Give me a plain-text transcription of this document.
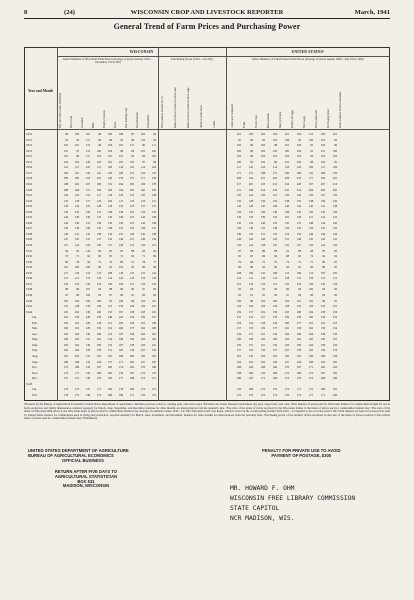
8	(24)	WISCONSIN CROP AND LIVESTOCK REPORTER	March, 1941
General Trend of Farm Prices and Purchasing Power
WISCONSIN	UNITED STATES³
Index Numbers of Wisconsin Farm Prices (Average of prices January 1910—December 1914=100)
Purchasing Power (1910—14=100)	Index Numbers of United States Farm Prices (Average of prices August 1909—July 1914=100)⁴
Year and Month
Wis. farm price index (30 items)	Farm crops	Livestock	Milk	Poultry products	Feeds	Four feeding crops	Total livestock	Unclassified	Prices paid by farmers in U.S.	Ratio of prices received to prices paid	Ratio of prices received to farm wage	All farm prices index	Grains	Cotton and cottonseed	Fruits	Truck crops	Meat animals	Dairy products	Poultry and eggs	Farm wage	Prices paid index	Purchasing power	Index numbers of farm real estate
1910	99	100	101	98	100	108	87	102	92	101	100	102	104	101	104	113	100	101
1911	91	93	111	96	96	91	96	110	93	97	96	95	102	108	92	100	101	95
1912	102	101	113	96	103	101	117	90	111	102	99	103	98	101	105	95	103	99
1913	101	97	115	100	104	98	96	101	105	100	98	102	102	100	104	91	101	100
1914	101	99	117	103	101	101	93	99	105	102	99	103	101	104	103	94	103	102
1915	104	102	120	104	101	105	105	97	99	100	93	102	99	101	103	88	103	95
1916	121	117	125	111	106	118	122	114	104	117	110	123	114	118	124	106	117	109
1917	163	161	135	141	129	160	172	154	133	177	172	198	175	190	189	141	168	179
1918	185	190	153	167	140	178	175	171	159	206	194	221	202	226	210	177	192	201
1919	198	202	167	180	152	194	182	184	178	217	205	223	212	216	220	197	207	214
1920	188	196	171	185	163	194	185	190	185	211	199	214	210	210	214	206	205	205
1921	126	122	114	117	118	125	112	125	128	125	124	119	121	130	126	139	127	122
1922	125	118	117	116	104	121	116	123	121	132	128	134	132	138	135	138	130	129
1923	136	132	125	128	118	134	123	131	127	142	140	145	140	146	144	145	141	138
1924	136	135	126	131	128	138	125	134	132	143	141	146	140	148	145	145	142	139
1925	144	140	130	137	133	146	127	143	138	156	153	159	155	161	158	151	154	152
1926	143	139	131	136	132	145	125	142	136	145	142	148	145	150	147	148	144	142
1927	139	136	128	132	128	141	122	138	131	139	136	141	138	144	141	144	137	135
1928	146	141	132	138	134	147	129	145	138	149	145	151	147	154	150	149	146	144
1929	147	143	131	137	132	149	127	146	136	146	143	148	145	151	148	150	143	141
1930	127	124	124	120	117	128	113	124	121	126	124	128	125	131	127	133	124	122
1931	94	93	110	90	85	95	88	93	92	87	86	89	88	91	88	98	87	85
1932	73	71	92	66	65	72	64	71	69	65	63	66	64	68	65	74	64	62
1933	80	78	96	74	70	80	72	78	77	70	68	72	70	73	71	77	69	67
1934	101	100	108	96	92	103	95	99	98	90	88	92	90	93	91	96	89	87
1935	117	116	112	113	108	119	110	115	114	108	106	110	108	112	109	113	107	105
1936	121	121	115	118	114	124	116	119	118	114	112	116	114	118	115	119	113	111
1937	126	124	118	123	120	128	121	124	122	121	119	123	121	125	122	126	120	118
1938	98	96	107	92	88	99	90	97	95	95	93	97	95	99	96	100	94	92
1939	97	98	106	93	87	99	91	96	94	93	91	95	93	97	94	98	92	90
1940	105	104	109	100	95	106	98	103	101	100	98	102	100	104	101	105	99	97
1941	131	128	118	126	121	133	124	129	127	124	122	126	124	128	125	129	123	121
1942	165	162	130	160	153	167	158	163	161	159	157	161	159	163	160	164	158	156
Jan.	161	159	128	156	149	163	154	159	157	155	153	157	155	159	156	160	154	152
Feb.	163	161	129	158	151	165	156	161	159	156	154	158	156	160	157	161	155	153
Mar.	164	161	129	159	152	166	157	162	160	157	155	159	157	161	158	162	156	154
Apr.	165	162	130	160	153	167	158	163	161	159	157	161	159	163	160	164	158	156
May	166	163	131	161	154	168	159	164	162	160	158	162	160	164	161	165	159	157
June	165	162	130	160	153	167	158	163	161	159	157	161	159	163	160	164	158	156
July	163	160	129	158	151	165	156	161	159	157	155	159	157	161	158	162	156	154
Aug.	167	164	131	162	155	169	160	165	163	161	159	163	161	165	162	166	160	158
Sept.	169	166	132	164	157	171	162	167	165	163	161	165	163	167	164	168	162	160
Oct.	172	169	134	167	160	174	165	170	168	166	164	168	166	170	167	171	165	163
Nov.	174	171	135	169	162	176	167	172	170	168	166	170	168	172	169	173	167	165
Dec.	175	172	136	170	163	177	168	173	171	169	167	171	169	173	170	174	168	166
1943
Jan.	176	173	137	171	164	178	169	174	172	170	168	172	170	174	171	175	169	167
Feb.	178	175	138	173	166	180	171	176	174	172	170	174	172	176	173	177	171	169
¹Prepared by the Bureau of Agricultural Economics, United States Department of Agriculture. ²Includes potatoes, tobacco, canning peas, and clover seed. ³Excludes dry beans, flaxseed, buckwheat, dry peas, sugar beets, and cane. ⁴New indexes of prices paid by Wisconsin farmers for commodities bought for use in farm production and family maintenance required quarterly for March, June, September, and December. Indexes for other months are interpolations from the quarterly data. ⁵The ratio of the index of prices received by the Wisconsin farmer to the index of prices paid for commodities farmers buy. ⁶The ratio of the index of Wisconsin milk prices to the Wisconsin index of prices paid for commodities farmers buy. Average of estimated values 1910—14=100. Wisconsin truck crop index, which is based on the corresponding months from 1910—14 adjusted to pre-war base period 100. Farm indexes are based on actual prices paid by United States farmers for commodities used in living and production, reported quarterly for March, June, September, and December. Indexes for other months are interpolations from the quarterly data. ⁷Purchasing power of the farmers' dollar expressed as the ratio of the index of prices received to the revised index of prices paid for commodities farmers buy. ⁸Preliminary.
UNITED STATES DEPARTMENT OF AGRICULTURE
BUREAU OF AGRICULTURAL ECONOMICS
OFFICIAL BUSINESS
PENALTY FOR PRIVATE USE TO AVOID
PAYMENT OF POSTAGE, $300
RETURN AFTER FIVE DAYS TO
AGRICULTURAL STATISTICIAN
BOX 531
MADISON, WISCONSIN	MR. HOWARD F. OHM
WISCONSIN FREE LIBRARY COMMISSION
STATE CAPITOL
NCR MADISON, WIS.
